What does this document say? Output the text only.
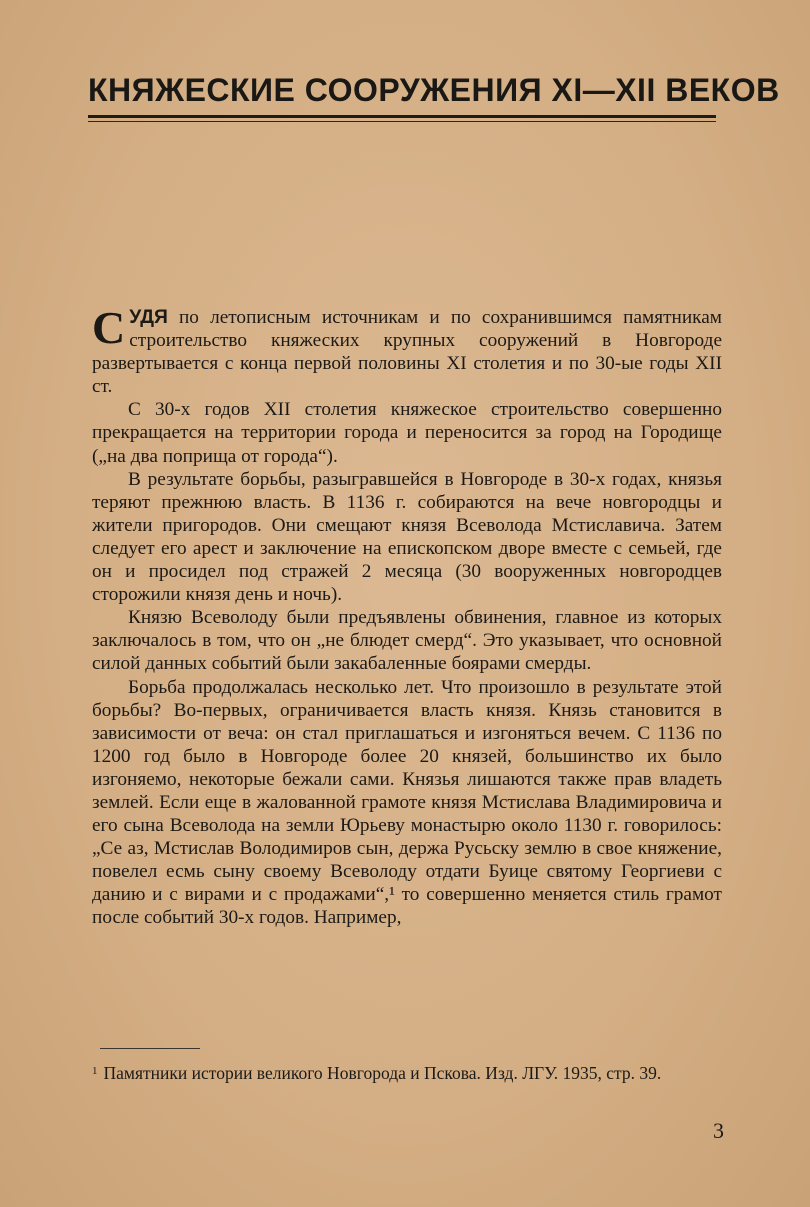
КНЯЖЕСКИЕ СООРУЖЕНИЯ XI—XII ВЕКОВ

СУДЯ по летописным источникам и по сохранившимся памятникам строительство княжеских крупных сооружений в Новгороде развертывается с конца первой половины XI столетия и по 30-ые годы XII ст.

С 30-х годов XII столетия княжеское строительство совершенно прекращается на территории города и переносится за город на Городище („на два поприща от города“).

В результате борьбы, разыгравшейся в Новгороде в 30-х годах, князья теряют прежнюю власть. В 1136 г. собираются на вече новгородцы и жители пригородов. Они смещают князя Всеволода Мстиславича. Затем следует его арест и заключение на епископском дворе вместе с семьей, где он и просидел под стражей 2 месяца (30 вооруженных новгородцев сторожили князя день и ночь).

Князю Всеволоду были предъявлены обвинения, главное из которых заключалось в том, что он „не блюдет смерд“. Это указывает, что основной силой данных событий были закабаленные боярами смерды.

Борьба продолжалась несколько лет. Что произошло в результате этой борьбы? Во-первых, ограничивается власть князя. Князь становится в зависимости от веча: он стал приглашаться и изгоняться вечем. С 1136 по 1200 год было в Новгороде более 20 князей, большинство их было изгоняемо, некоторые бежали сами. Князья лишаются также прав владеть землей. Если еще в жалованной грамоте князя Мстислава Владимировича и его сына Всеволода на земли Юрьеву монастырю около 1130 г. говорилось: „Се аз, Мстислав Володимиров сын, держа Русьску землю в свое княжение, повелел есмь сыну своему Всеволоду отдати Буице святому Георгиеви с данию и с вирами и с продажами“,¹ то совершенно меняется стиль грамот после событий 30-х годов. Например,

$^1$ Памятники истории великого Новгорода и Пскова. Изд. ЛГУ. 1935, стр. 39.
3
